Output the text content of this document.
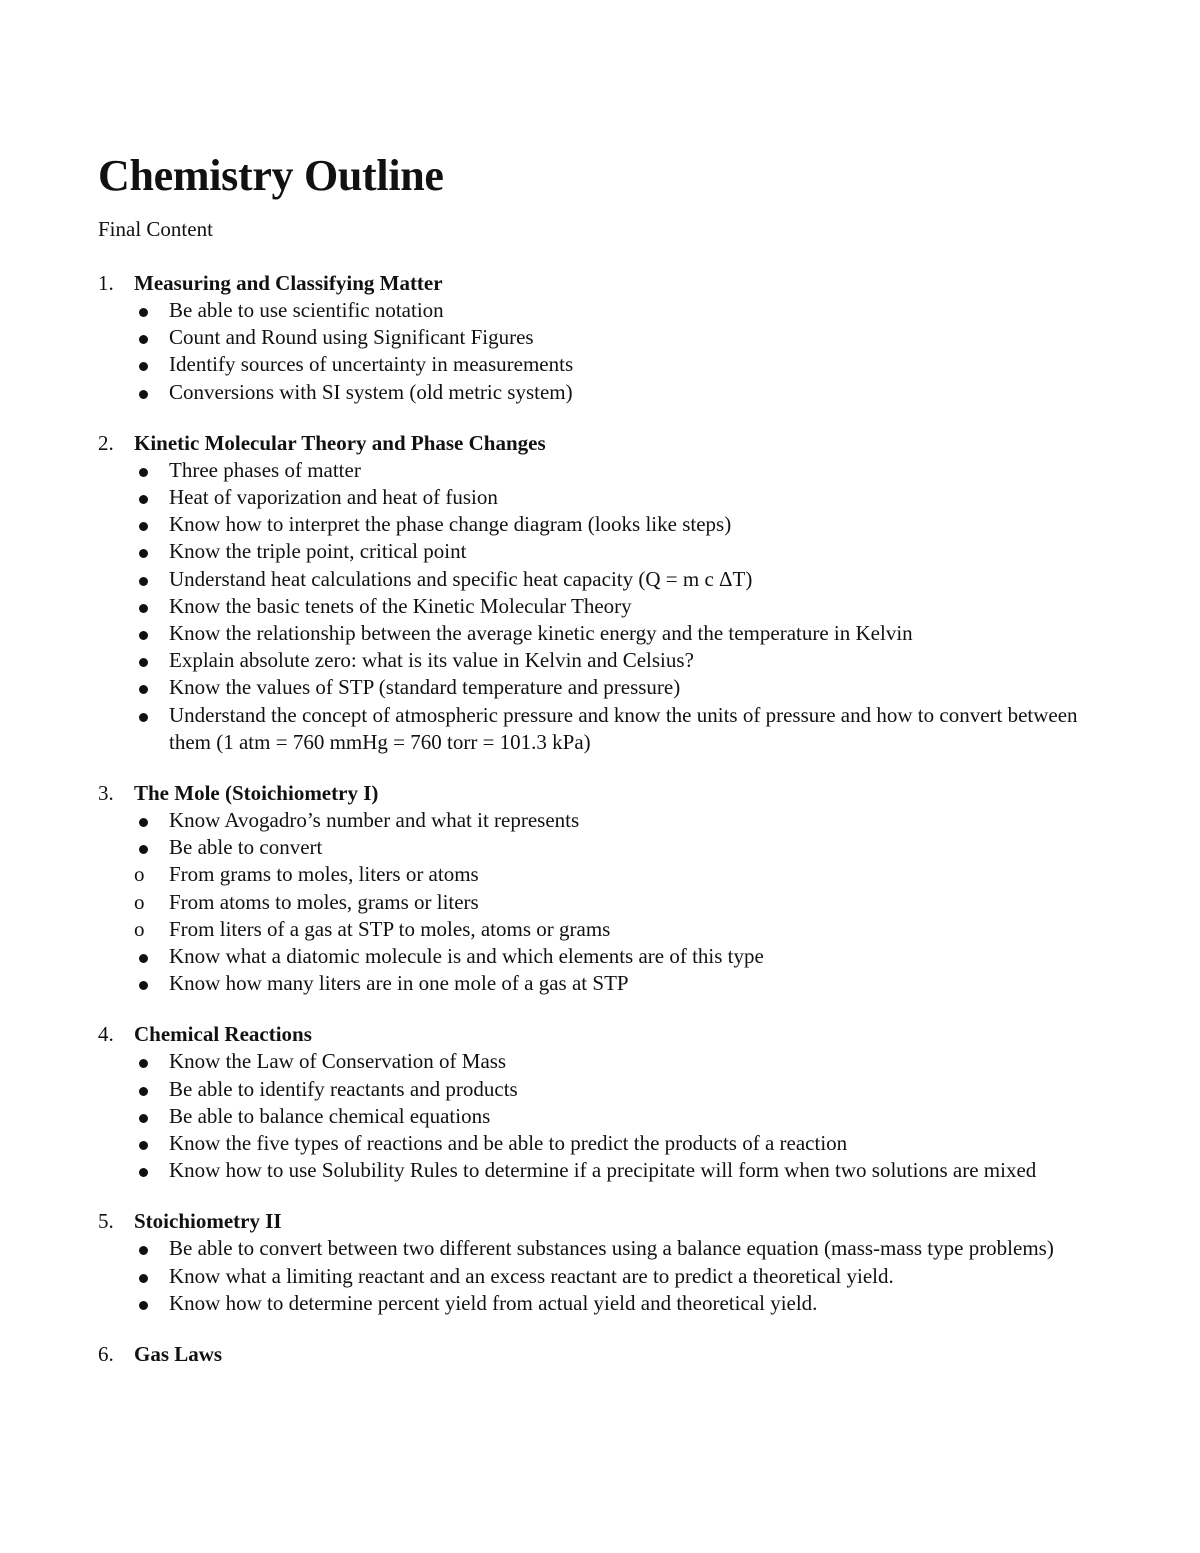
Chemistry Outline

Final Content

1. Measuring and Classifying Matter
Be able to use scientific notation
Count and Round using Significant Figures
Identify sources of uncertainty in measurements
Conversions with SI system (old metric system)
2. Kinetic Molecular Theory and Phase Changes
Three phases of matter
Heat of vaporization and heat of fusion
Know how to interpret the phase change diagram (looks like steps)
Know the triple point, critical point
Understand heat calculations and specific heat capacity (Q = m c ΔT)
Know the basic tenets of the Kinetic Molecular Theory
Know the relationship between the average kinetic energy and the temperature in Kelvin
Explain absolute zero: what is its value in Kelvin and Celsius?
Know the values of STP (standard temperature and pressure)
Understand the concept of atmospheric pressure and know the units of pressure and how to convert between them (1 atm = 760 mmHg = 760 torr = 101.3 kPa)
3. The Mole (Stoichiometry I)
Know Avogadro’s number and what it represents
Be able to convert
o From grams to moles, liters or atoms
o From atoms to moles, grams or liters
o From liters of a gas at STP to moles, atoms or grams
Know what a diatomic molecule is and which elements are of this type
Know how many liters are in one mole of a gas at STP
4. Chemical Reactions
Know the Law of Conservation of Mass
Be able to identify reactants and products
Be able to balance chemical equations
Know the five types of reactions and be able to predict the products of a reaction
Know how to use Solubility Rules to determine if a precipitate will form when two solutions are mixed
5. Stoichiometry II
Be able to convert between two different substances using a balance equation (mass-mass type problems)
Know what a limiting reactant and an excess reactant are to predict a theoretical yield.
Know how to determine percent yield from actual yield and theoretical yield.
6. Gas Laws
